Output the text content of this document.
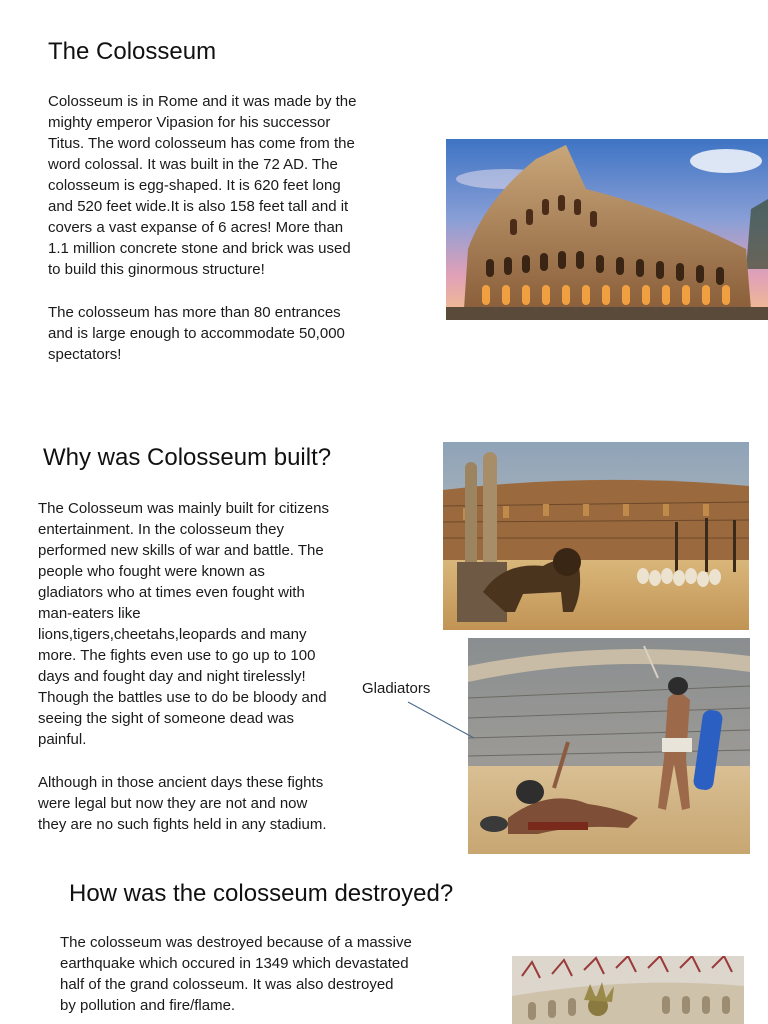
The Colosseum
Colosseum is in Rome and it was made by the
mighty emperor Vipasion for his successor
Titus. The word colosseum has come from the
word colossal. It was built in the 72 AD. The
colosseum is egg-shaped. It is 620 feet long
and 520 feet wide.It is also 158 feet tall and it
covers a vast expanse of 6 acres! More than
1.1 million concrete stone and brick was used
to build this ginormous structure!
The colosseum has more than 80 entrances
and is large enough to accommodate 50,000
spectators!
Why was Colosseum built?
The Colosseum was mainly built for citizens
entertainment. In the colosseum they
performed new skills of war and battle. The
people who fought were known as
gladiators who at times even fought with
man-eaters like
lions,tigers,cheetahs,leopards and many
more. The fights even use to go up to 100
days and fought day and night tirelessly!
Though the battles use to do be bloody and
seeing the sight of someone dead was
painful.
Although in those ancient days these fights
were legal but now they are not and now
they are no such fights held in any stadium.
Gladiators
How was the colosseum destroyed?
The colosseum was destroyed because of a massive
earthquake which occured in 1349 which devastated
half of the grand colosseum. It was also destroyed
by pollution and fire/flame.
